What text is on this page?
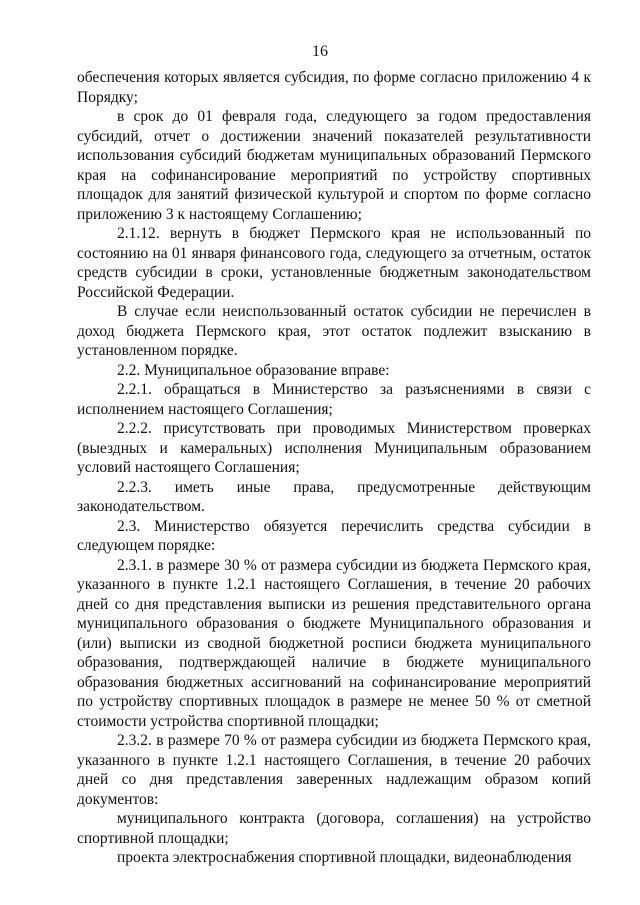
16

обеспечения которых является субсидия, по форме согласно приложению 4 к Порядку;

в срок до 01 февраля года, следующего за годом предоставления субсидий, отчет о достижении значений показателей результативности использования субсидий бюджетам муниципальных образований Пермского края на софинансирование мероприятий по устройству спортивных площадок для занятий физической культурой и спортом по форме согласно приложению 3 к настоящему Соглашению;

2.1.12. вернуть в бюджет Пермского края не использованный по состоянию на 01 января финансового года, следующего за отчетным, остаток средств субсидии в сроки, установленные бюджетным законодательством Российской Федерации.

В случае если неиспользованный остаток субсидии не перечислен в доход бюджета Пермского края, этот остаток подлежит взысканию в установленном порядке.

2.2. Муниципальное образование вправе:

2.2.1. обращаться в Министерство за разъяснениями в связи с исполнением настоящего Соглашения;

2.2.2. присутствовать при проводимых Министерством проверках (выездных и камеральных) исполнения Муниципальным образованием условий настоящего Соглашения;

2.2.3. иметь иные права, предусмотренные действующим законодательством.

2.3. Министерство обязуется перечислить средства субсидии в следующем порядке:

2.3.1. в размере 30 % от размера субсидии из бюджета Пермского края, указанного в пункте 1.2.1 настоящего Соглашения, в течение 20 рабочих дней со дня представления выписки из решения представительного органа муниципального образования о бюджете Муниципального образования и (или) выписки из сводной бюджетной росписи бюджета муниципального образования, подтверждающей наличие в бюджете муниципального образования бюджетных ассигнований на софинансирование мероприятий по устройству спортивных площадок в размере не менее 50 % от сметной стоимости устройства спортивной площадки;

2.3.2. в размере 70 % от размера субсидии из бюджета Пермского края, указанного в пункте 1.2.1 настоящего Соглашения, в течение 20 рабочих дней со дня представления заверенных надлежащим образом копий документов:

муниципального контракта (договора, соглашения) на устройство спортивной площадки;

проекта электроснабжения спортивной площадки, видеонаблюдения
